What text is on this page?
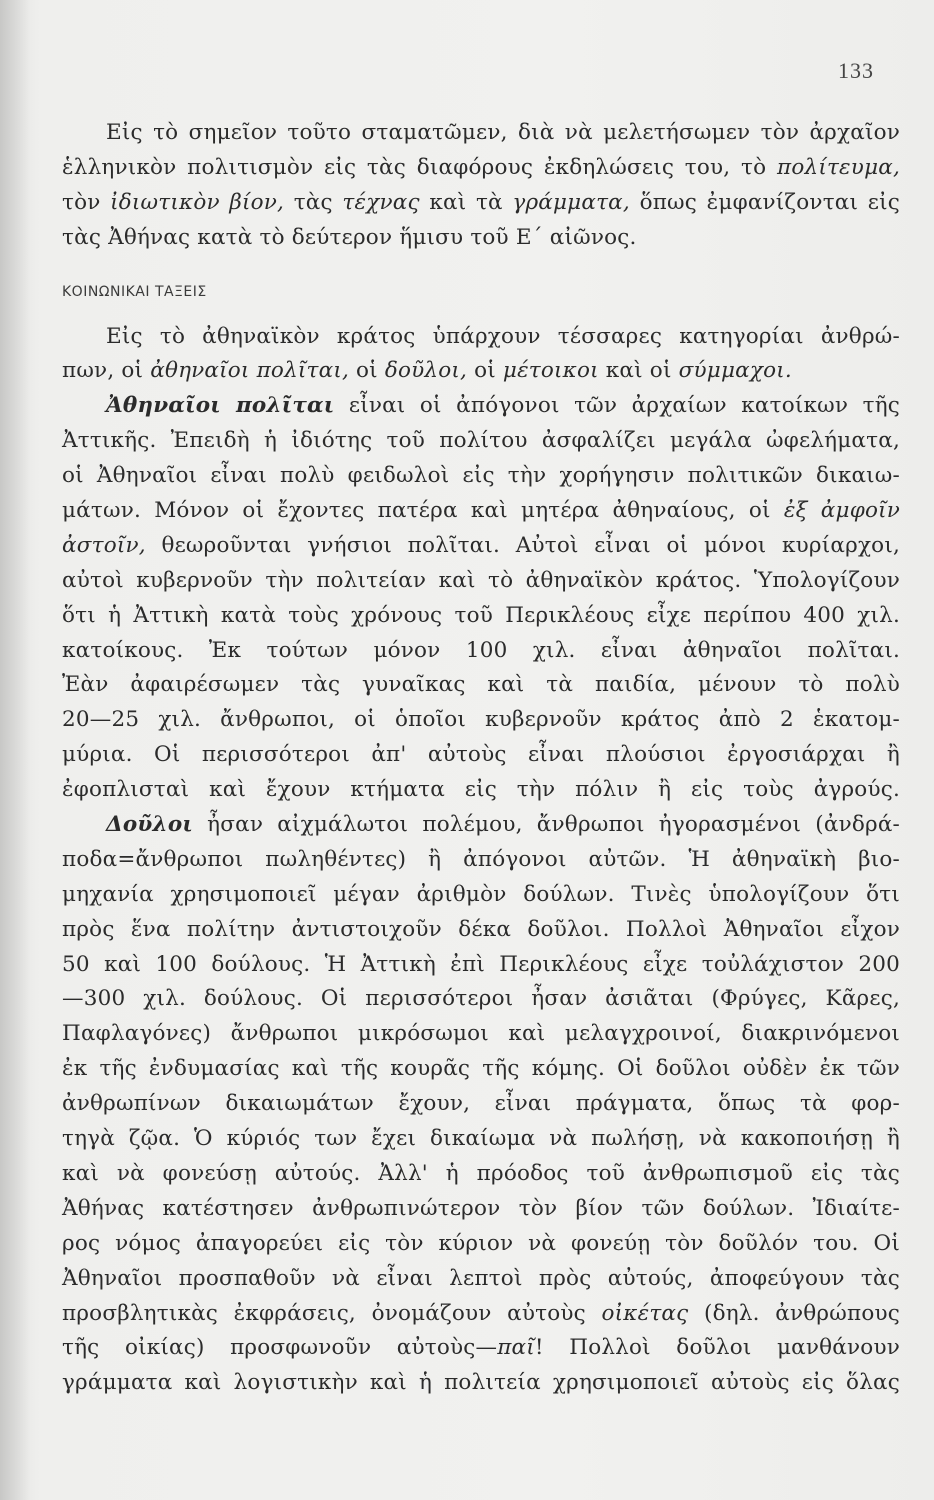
133
Εἰς τὸ σημεῖον τοῦτο σταματῶμεν, διὰ νὰ μελετήσωμεν τὸν ἀρχαῖον
ἑλληνικὸν πολιτισμὸν εἰς τὰς διαφόρους ἐκδηλώσεις του, τὸ πολίτευμα,
τὸν ἰδιωτικὸν βίον, τὰς τέχνας καὶ τὰ γράμματα, ὅπως ἐμφανίζονται εἰς
τὰς Ἀθήνας κατὰ τὸ δεύτερον ἥμισυ τοῦ Ε΄ αἰῶνος.
ΚΟΙΝΩΝΙΚΑΙ ΤΑΞΕΙΣ
Εἰς τὸ ἀθηναϊκὸν κράτος ὑπάρχουν τέσσαρες κατηγορίαι ἀνθρώ-
πων, οἱ ἀθηναῖοι πολῖται, οἱ δοῦλοι, οἱ μέτοικοι καὶ οἱ σύμμαχοι.
Ἀθηναῖοι πολῖται εἶναι οἱ ἀπόγονοι τῶν ἀρχαίων κατοίκων τῆς
Ἀττικῆς. Ἐπειδὴ ἡ ἰδιότης τοῦ πολίτου ἀσφαλίζει μεγάλα ὠφελήματα,
οἱ Ἀθηναῖοι εἶναι πολὺ φειδωλοὶ εἰς τὴν χορήγησιν πολιτικῶν δικαιω-
μάτων. Μόνον οἱ ἔχοντες πατέρα καὶ μητέρα ἀθηναίους, οἱ ἐξ ἀμφοῖν
ἀστοῖν, θεωροῦνται γνήσιοι πολῖται. Αὐτοὶ εἶναι οἱ μόνοι κυρίαρχοι,
αὐτοὶ κυβερνοῦν τὴν πολιτείαν καὶ τὸ ἀθηναϊκὸν κράτος. Ὑπολογίζουν
ὅτι ἡ Ἀττικὴ κατὰ τοὺς χρόνους τοῦ Περικλέους εἶχε περίπου 400 χιλ.
κατοίκους. Ἐκ τούτων μόνον 100 χιλ. εἶναι ἀθηναῖοι πολῖται.
Ἐὰν ἀφαιρέσωμεν τὰς γυναῖκας καὶ τὰ παιδία, μένουν τὸ πολὺ
20—25 χιλ. ἄνθρωποι, οἱ ὁποῖοι κυβερνοῦν κράτος ἀπὸ 2 ἑκατομ-
μύρια. Οἱ περισσότεροι ἀπ' αὐτοὺς εἶναι πλούσιοι ἐργοσιάρχαι ἢ
ἐφοπλισταὶ καὶ ἔχουν κτήματα εἰς τὴν πόλιν ἢ εἰς τοὺς ἀγρούς.
Δοῦλοι ἦσαν αἰχμάλωτοι πολέμου, ἄνθρωποι ἠγορασμένοι (ἀνδρά-
ποδα=ἄνθρωποι πωληθέντες) ἢ ἀπόγονοι αὐτῶν. Ἡ ἀθηναϊκὴ βιο-
μηχανία χρησιμοποιεῖ μέγαν ἀριθμὸν δούλων. Τινὲς ὑπολογίζουν ὅτι
πρὸς ἕνα πολίτην ἀντιστοιχοῦν δέκα δοῦλοι. Πολλοὶ Ἀθηναῖοι εἶχον
50 καὶ 100 δούλους. Ἡ Ἀττικὴ ἐπὶ Περικλέους εἶχε τοὐλάχιστον 200
—300 χιλ. δούλους. Οἱ περισσότεροι ἦσαν ἀσιᾶται (Φρύγες, Κᾶρες,
Παφλαγόνες) ἄνθρωποι μικρόσωμοι καὶ μελαγχροινοί, διακρινόμενοι
ἐκ τῆς ἐνδυμασίας καὶ τῆς κουρᾶς τῆς κόμης. Οἱ δοῦλοι οὐδὲν ἐκ τῶν
ἀνθρωπίνων δικαιωμάτων ἔχουν, εἶναι πράγματα, ὅπως τὰ φορ-
τηγὰ ζῷα. Ὁ κύριός των ἔχει δικαίωμα νὰ πωλήσῃ, νὰ κακοποιήσῃ ἢ
καὶ νὰ φονεύσῃ αὐτούς. Ἀλλ' ἡ πρόοδος τοῦ ἀνθρωπισμοῦ εἰς τὰς
Ἀθήνας κατέστησεν ἀνθρωπινώτερον τὸν βίον τῶν δούλων. Ἰδιαίτε-
ρος νόμος ἀπαγορεύει εἰς τὸν κύριον νὰ φονεύῃ τὸν δοῦλόν του. Οἱ
Ἀθηναῖοι προσπαθοῦν νὰ εἶναι λεπτοὶ πρὸς αὐτούς, ἀποφεύγουν τὰς
προσβλητικὰς ἐκφράσεις, ὀνομάζουν αὐτοὺς οἰκέτας (δηλ. ἀνθρώπους
τῆς οἰκίας) προσφωνοῦν αὐτοὺς—παῖ! Πολλοὶ δοῦλοι μανθάνουν
γράμματα καὶ λογιστικὴν καὶ ἡ πολιτεία χρησιμοποιεῖ αὐτοὺς εἰς ὅλας
